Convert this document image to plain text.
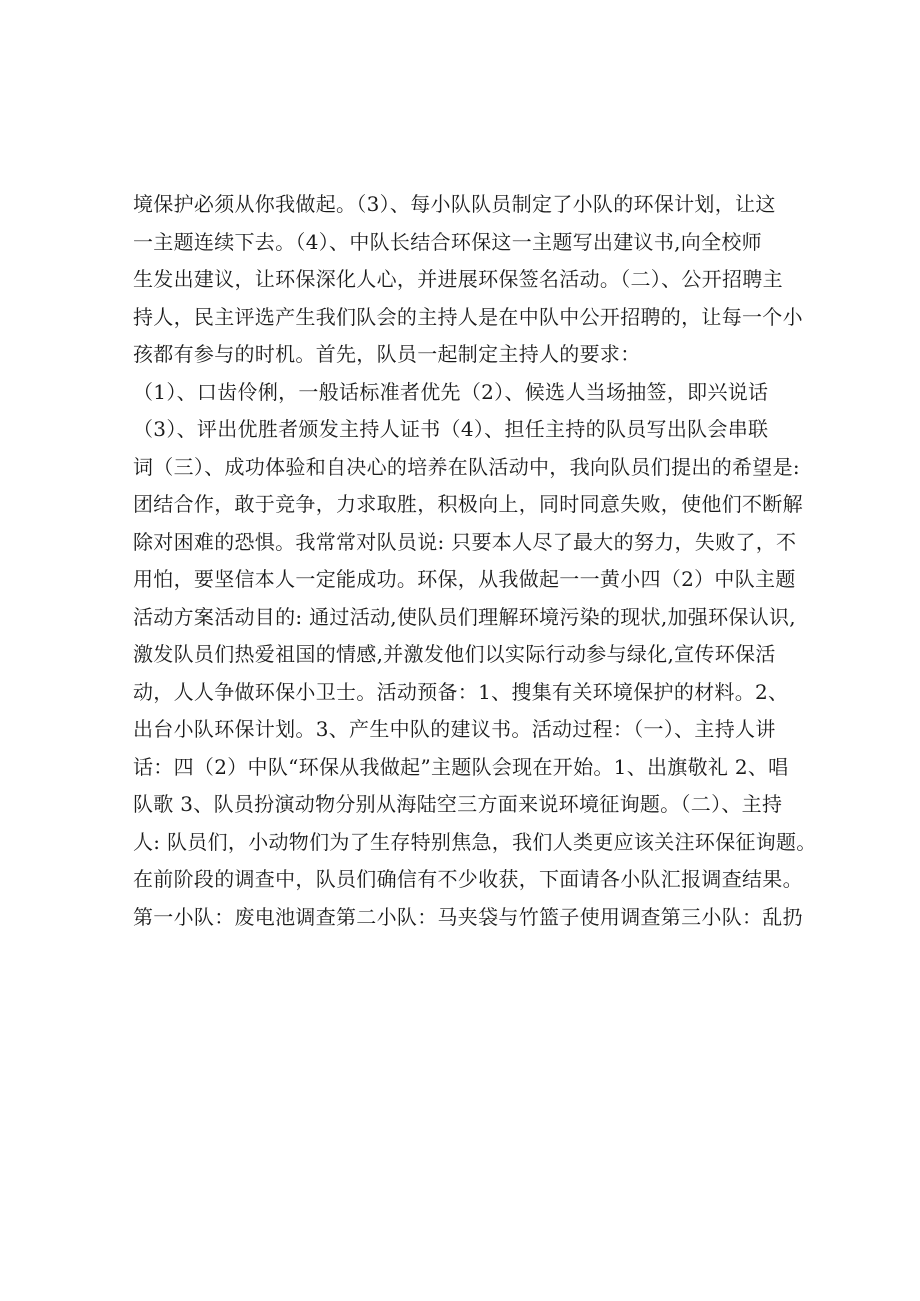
境保护必须从你我做起。（3）、每小队队员制定了小队的环保计划，让这
一主题连续下去。（4）、中队长结合环保这一主题写出建议书,向全校师
生发出建议，让环保深化人心，并进展环保签名活动。（二）、公开招聘主
持人，民主评选产生我们队会的主持人是在中队中公开招聘的，让每一个小
孩都有参与的时机。首先，队员一起制定主持人的要求：
（1）、口齿伶俐，一般话标准者优先（2）、候选人当场抽签，即兴说话
（3）、评出优胜者颁发主持人证书（4）、担任主持的队员写出队会串联
词（三）、成功体验和自决心的培养在队活动中，我向队员们提出的希望是:
团结合作，敢于竞争，力求取胜，积极向上，同时同意失败，使他们不断解
除对困难的恐惧。我常常对队员说: 只要本人尽了最大的努力，失败了，不
用怕，要坚信本人一定能成功。环保，从我做起一一黄小四（2）中队主题
活动方案活动目的: 通过活动,使队员们理解环境污染的现状,加强环保认识,
激发队员们热爱祖国的情感,并激发他们以实际行动参与绿化,宣传环保活
动，人人争做环保小卫士。活动预备：1、搜集有关环境保护的材料。2、
出台小队环保计划。3、产生中队的建议书。活动过程：（一）、主持人讲
话：四（2）中队“环保从我做起”主题队会现在开始。1、出旗敬礼 2、唱
队歌 3、队员扮演动物分别从海陆空三方面来说环境征询题。（二）、主持
人: 队员们，小动物们为了生存特别焦急，我们人类更应该关注环保征询题。
在前阶段的调查中，队员们确信有不少收获，下面请各小队汇报调查结果。
第一小队：废电池调查第二小队：马夹袋与竹篮子使用调查第三小队：乱扔
